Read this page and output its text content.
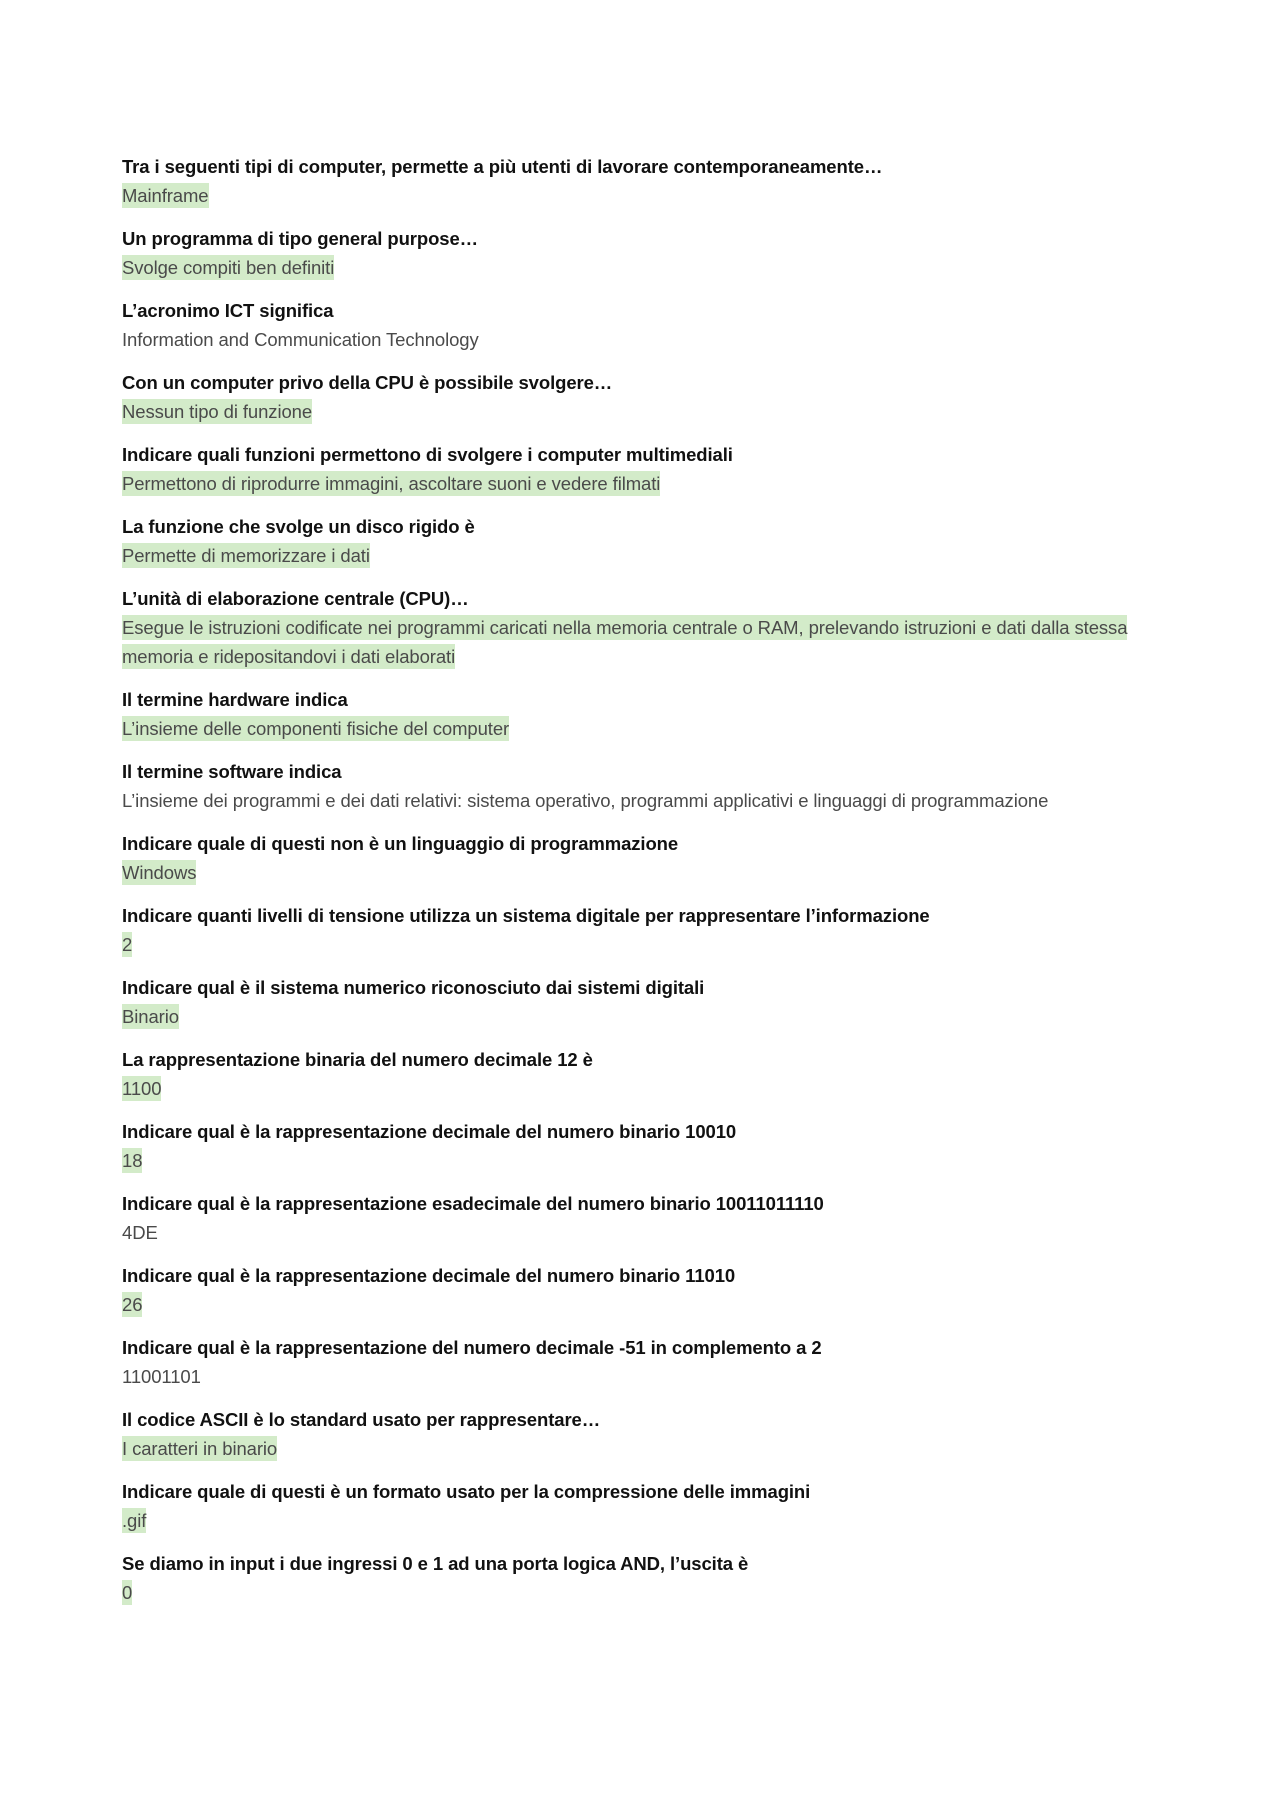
Tra i seguenti tipi di computer, permette a più utenti di lavorare contemporaneamente…
Mainframe
Un programma di tipo general purpose…
Svolge compiti ben definiti
L’acronimo ICT significa
Information and Communication Technology
Con un computer privo della CPU è possibile svolgere…
Nessun tipo di funzione
Indicare quali funzioni permettono di svolgere i computer multimediali
Permettono di riprodurre immagini, ascoltare suoni e vedere filmati
La funzione che svolge un disco rigido è
Permette di memorizzare i dati
L’unità di elaborazione centrale (CPU)…
Esegue le istruzioni codificate nei programmi caricati nella memoria centrale o RAM, prelevando istruzioni e dati dalla stessa memoria e ridepositandovi i dati elaborati
Il termine hardware indica
L’insieme delle componenti fisiche del computer
Il termine software indica
L’insieme dei programmi e dei dati relativi: sistema operativo, programmi applicativi e linguaggi di programmazione
Indicare quale di questi non è un linguaggio di programmazione
Windows
Indicare quanti livelli di tensione utilizza un sistema digitale per rappresentare l’informazione
2
Indicare qual è il sistema numerico riconosciuto dai sistemi digitali
Binario
La rappresentazione binaria del numero decimale 12 è
1100
Indicare qual è la rappresentazione decimale del numero binario 10010
18
Indicare qual è la rappresentazione esadecimale del numero binario 10011011110
4DE
Indicare qual è la rappresentazione decimale del numero binario 11010
26
Indicare qual è la rappresentazione del numero decimale -51 in complemento a 2
11001101
Il codice ASCII è lo standard usato per rappresentare…
I caratteri in binario
Indicare quale di questi è un formato usato per la compressione delle immagini
.gif
Se diamo in input i due ingressi 0 e 1 ad una porta logica AND, l’uscita è
0
